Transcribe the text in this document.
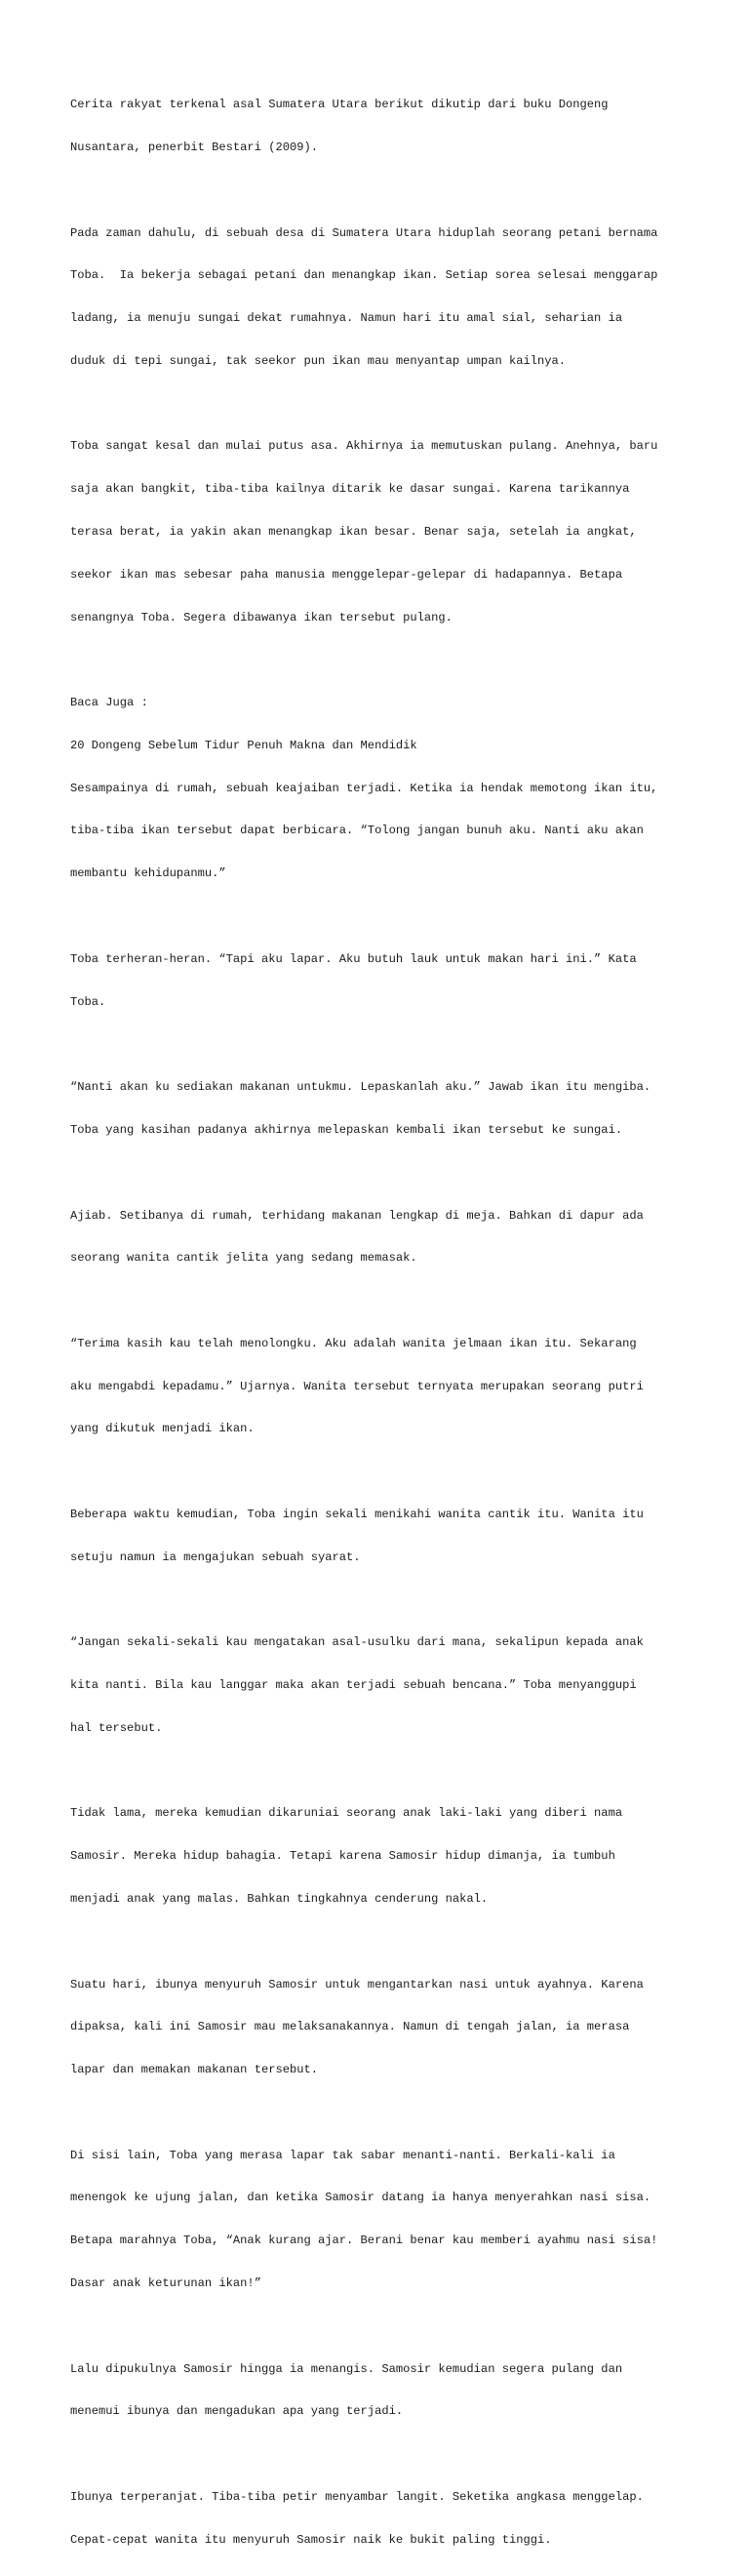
Cerita rakyat terkenal asal Sumatera Utara berikut dikutip dari buku Dongeng

Nusantara, penerbit Bestari (2009).

Pada zaman dahulu, di sebuah desa di Sumatera Utara hiduplah seorang petani bernama

Toba.  Ia bekerja sebagai petani dan menangkap ikan. Setiap sorea selesai menggarap

ladang, ia menuju sungai dekat rumahnya. Namun hari itu amal sial, seharian ia

duduk di tepi sungai, tak seekor pun ikan mau menyantap umpan kailnya.

Toba sangat kesal dan mulai putus asa. Akhirnya ia memutuskan pulang. Anehnya, baru

saja akan bangkit, tiba-tiba kailnya ditarik ke dasar sungai. Karena tarikannya

terasa berat, ia yakin akan menangkap ikan besar. Benar saja, setelah ia angkat,

seekor ikan mas sebesar paha manusia menggelepar-gelepar di hadapannya. Betapa

senangnya Toba. Segera dibawanya ikan tersebut pulang.

Baca Juga :

20 Dongeng Sebelum Tidur Penuh Makna dan Mendidik

Sesampainya di rumah, sebuah keajaiban terjadi. Ketika ia hendak memotong ikan itu,

tiba-tiba ikan tersebut dapat berbicara. “Tolong jangan bunuh aku. Nanti aku akan

membantu kehidupanmu.”

Toba terheran-heran. “Tapi aku lapar. Aku butuh lauk untuk makan hari ini.” Kata

Toba.

“Nanti akan ku sediakan makanan untukmu. Lepaskanlah aku.” Jawab ikan itu mengiba.

Toba yang kasihan padanya akhirnya melepaskan kembali ikan tersebut ke sungai.

Ajiab. Setibanya di rumah, terhidang makanan lengkap di meja. Bahkan di dapur ada

seorang wanita cantik jelita yang sedang memasak.

“Terima kasih kau telah menolongku. Aku adalah wanita jelmaan ikan itu. Sekarang

aku mengabdi kepadamu.” Ujarnya. Wanita tersebut ternyata merupakan seorang putri

yang dikutuk menjadi ikan.

Beberapa waktu kemudian, Toba ingin sekali menikahi wanita cantik itu. Wanita itu

setuju namun ia mengajukan sebuah syarat.

“Jangan sekali-sekali kau mengatakan asal-usulku dari mana, sekalipun kepada anak

kita nanti. Bila kau langgar maka akan terjadi sebuah bencana.” Toba menyanggupi

hal tersebut.

Tidak lama, mereka kemudian dikaruniai seorang anak laki-laki yang diberi nama

Samosir. Mereka hidup bahagia. Tetapi karena Samosir hidup dimanja, ia tumbuh

menjadi anak yang malas. Bahkan tingkahnya cenderung nakal.

Suatu hari, ibunya menyuruh Samosir untuk mengantarkan nasi untuk ayahnya. Karena

dipaksa, kali ini Samosir mau melaksanakannya. Namun di tengah jalan, ia merasa

lapar dan memakan makanan tersebut.

Di sisi lain, Toba yang merasa lapar tak sabar menanti-nanti. Berkali-kali ia

menengok ke ujung jalan, dan ketika Samosir datang ia hanya menyerahkan nasi sisa.

Betapa marahnya Toba, “Anak kurang ajar. Berani benar kau memberi ayahmu nasi sisa!

Dasar anak keturunan ikan!”

Lalu dipukulnya Samosir hingga ia menangis. Samosir kemudian segera pulang dan

menemui ibunya dan mengadukan apa yang terjadi.

Ibunya terperanjat. Tiba-tiba petir menyambar langit. Seketika angkasa menggelap.

Cepat-cepat wanita itu menyuruh Samosir naik ke bukit paling tinggi.
